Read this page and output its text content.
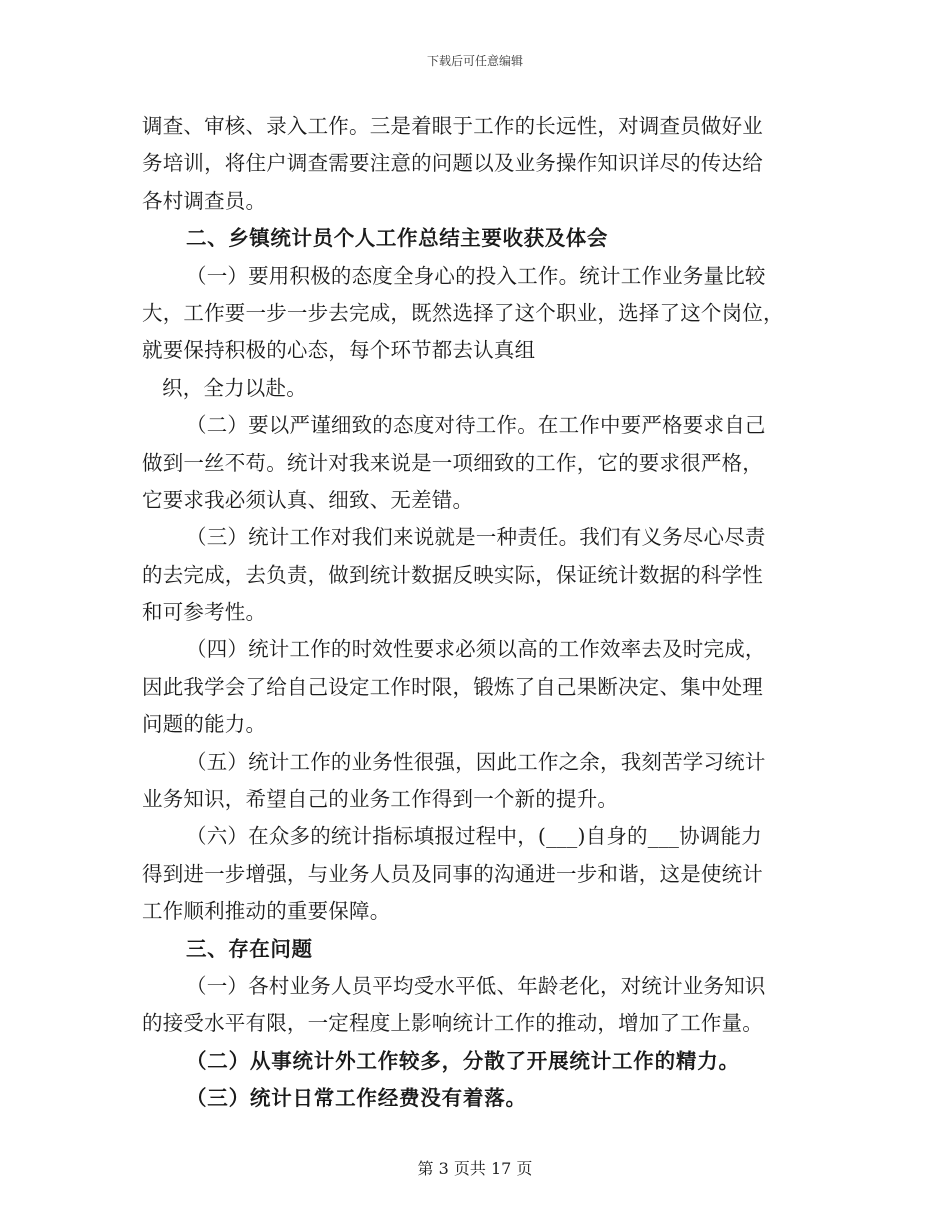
下载后可任意编辑
调查、审核、录入工作。三是着眼于工作的长远性，对调查员做好业
务培训，将住户调查需要注意的问题以及业务操作知识详尽的传达给
各村调查员。
二、乡镇统计员个人工作总结主要收获及体会
（一）要用积极的态度全身心的投入工作。统计工作业务量比较
大，工作要一步一步去完成，既然选择了这个职业，选择了这个岗位，
就要保持积极的心态，每个环节都去认真组
织，全力以赴。
（二）要以严谨细致的态度对待工作。在工作中要严格要求自己
做到一丝不苟。统计对我来说是一项细致的工作，它的要求很严格，
它要求我必须认真、细致、无差错。
（三）统计工作对我们来说就是一种责任。我们有义务尽心尽责
的去完成，去负责，做到统计数据反映实际，保证统计数据的科学性
和可参考性。
（四）统计工作的时效性要求必须以高的工作效率去及时完成，
因此我学会了给自己设定工作时限，锻炼了自己果断决定、集中处理
问题的能力。
（五）统计工作的业务性很强，因此工作之余，我刻苦学习统计
业务知识，希望自己的业务工作得到一个新的提升。
（六）在众多的统计指标填报过程中，(___)自身的___协调能力
得到进一步增强，与业务人员及同事的沟通进一步和谐，这是使统计
工作顺利推动的重要保障。
三、存在问题
（一）各村业务人员平均受水平低、年龄老化，对统计业务知识
的接受水平有限，一定程度上影响统计工作的推动，增加了工作量。
（二）从事统计外工作较多，分散了开展统计工作的精力。
（三）统计日常工作经费没有着落。
第 3 页共 17 页
